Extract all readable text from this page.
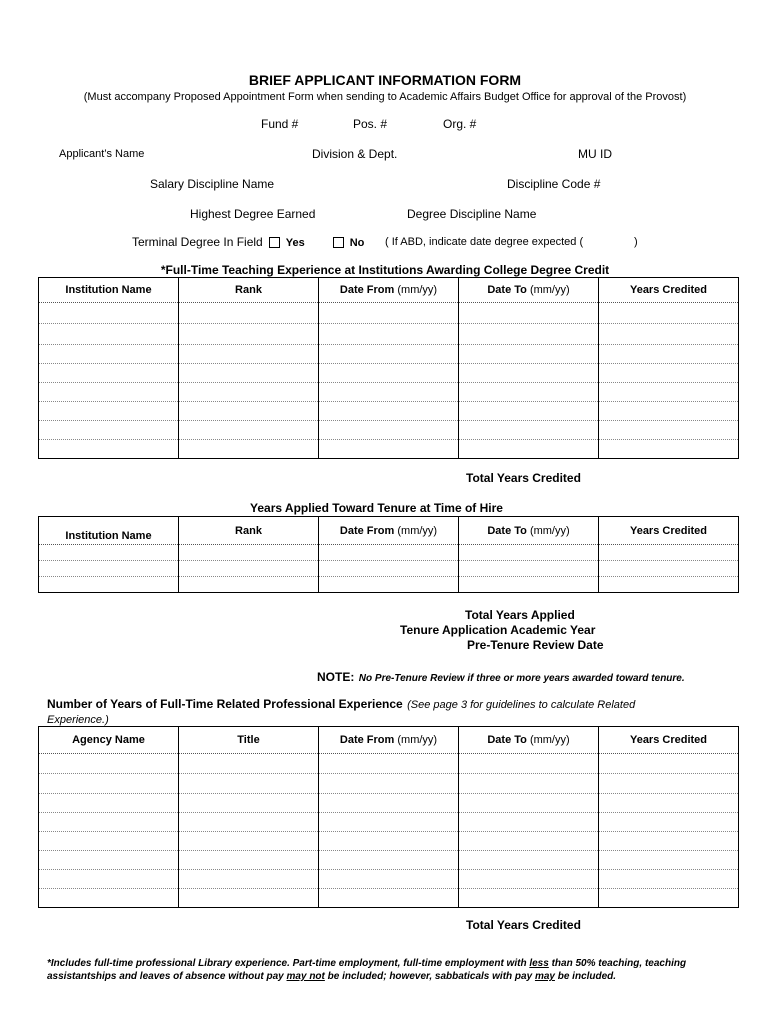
BRIEF APPLICANT INFORMATION FORM
(Must accompany Proposed Appointment Form when sending to Academic Affairs Budget Office for approval of the Provost)
Fund #	Pos. #	Org. #
Applicant’s Name	Division & Dept.	MU ID
Salary Discipline Name	Discipline Code #
Highest Degree Earned	Degree Discipline Name
Terminal Degree In Field Yes	No ( If ABD, indicate date degree expected (	)
*Full-Time Teaching Experience at Institutions Awarding College Degree Credit
Institution Name	Rank	Date From (mm/yy)	Date To (mm/yy)	Years Credited

Total Years Credited
Years Applied Toward Tenure at Time of Hire
Institution Name	Rank	Date From (mm/yy)	Date To (mm/yy)	Years Credited

Total Years Applied
Tenure Application Academic Year
Pre-Tenure Review Date
NOTE: No Pre-Tenure Review if three or more years awarded toward tenure.
Number of Years of Full-Time Related Professional Experience (See page 3 for guidelines to calculate Related Experience.)
Agency Name	Title	Date From (mm/yy)	Date To (mm/yy)	Years Credited

Total Years Credited
*Includes full-time professional Library experience. Part-time employment, full-time employment with less than 50% teaching, teaching assistantships and leaves of absence without pay may not be included; however, sabbaticals with pay may be included.
